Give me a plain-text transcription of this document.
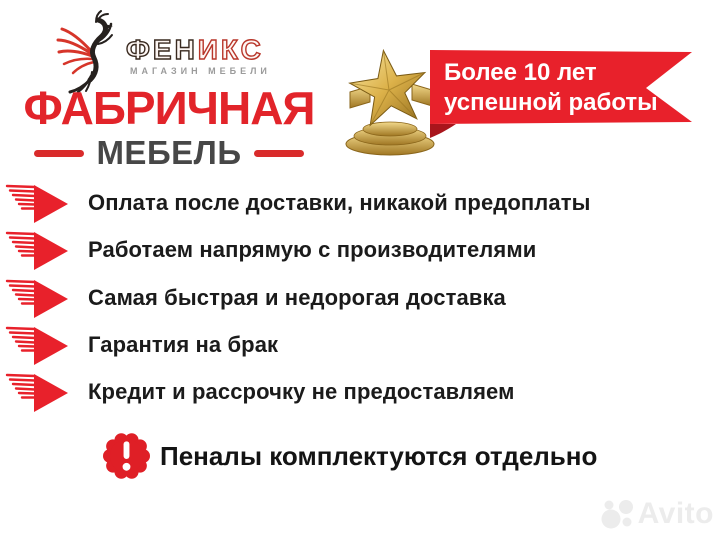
ФЕНИКС
МАГАЗИН МЕБЕЛИ
ФАБРИЧНАЯ
МЕБЕЛЬ
Более 10 лет
успешной работы
Оплата после доставки, никакой предоплаты
Работаем напрямую с производителями
Самая быстрая и недорогая доставка
Гарантия на брак
Кредит и рассрочку не предоставляем
Пеналы комплектуются отдельно
Avito
